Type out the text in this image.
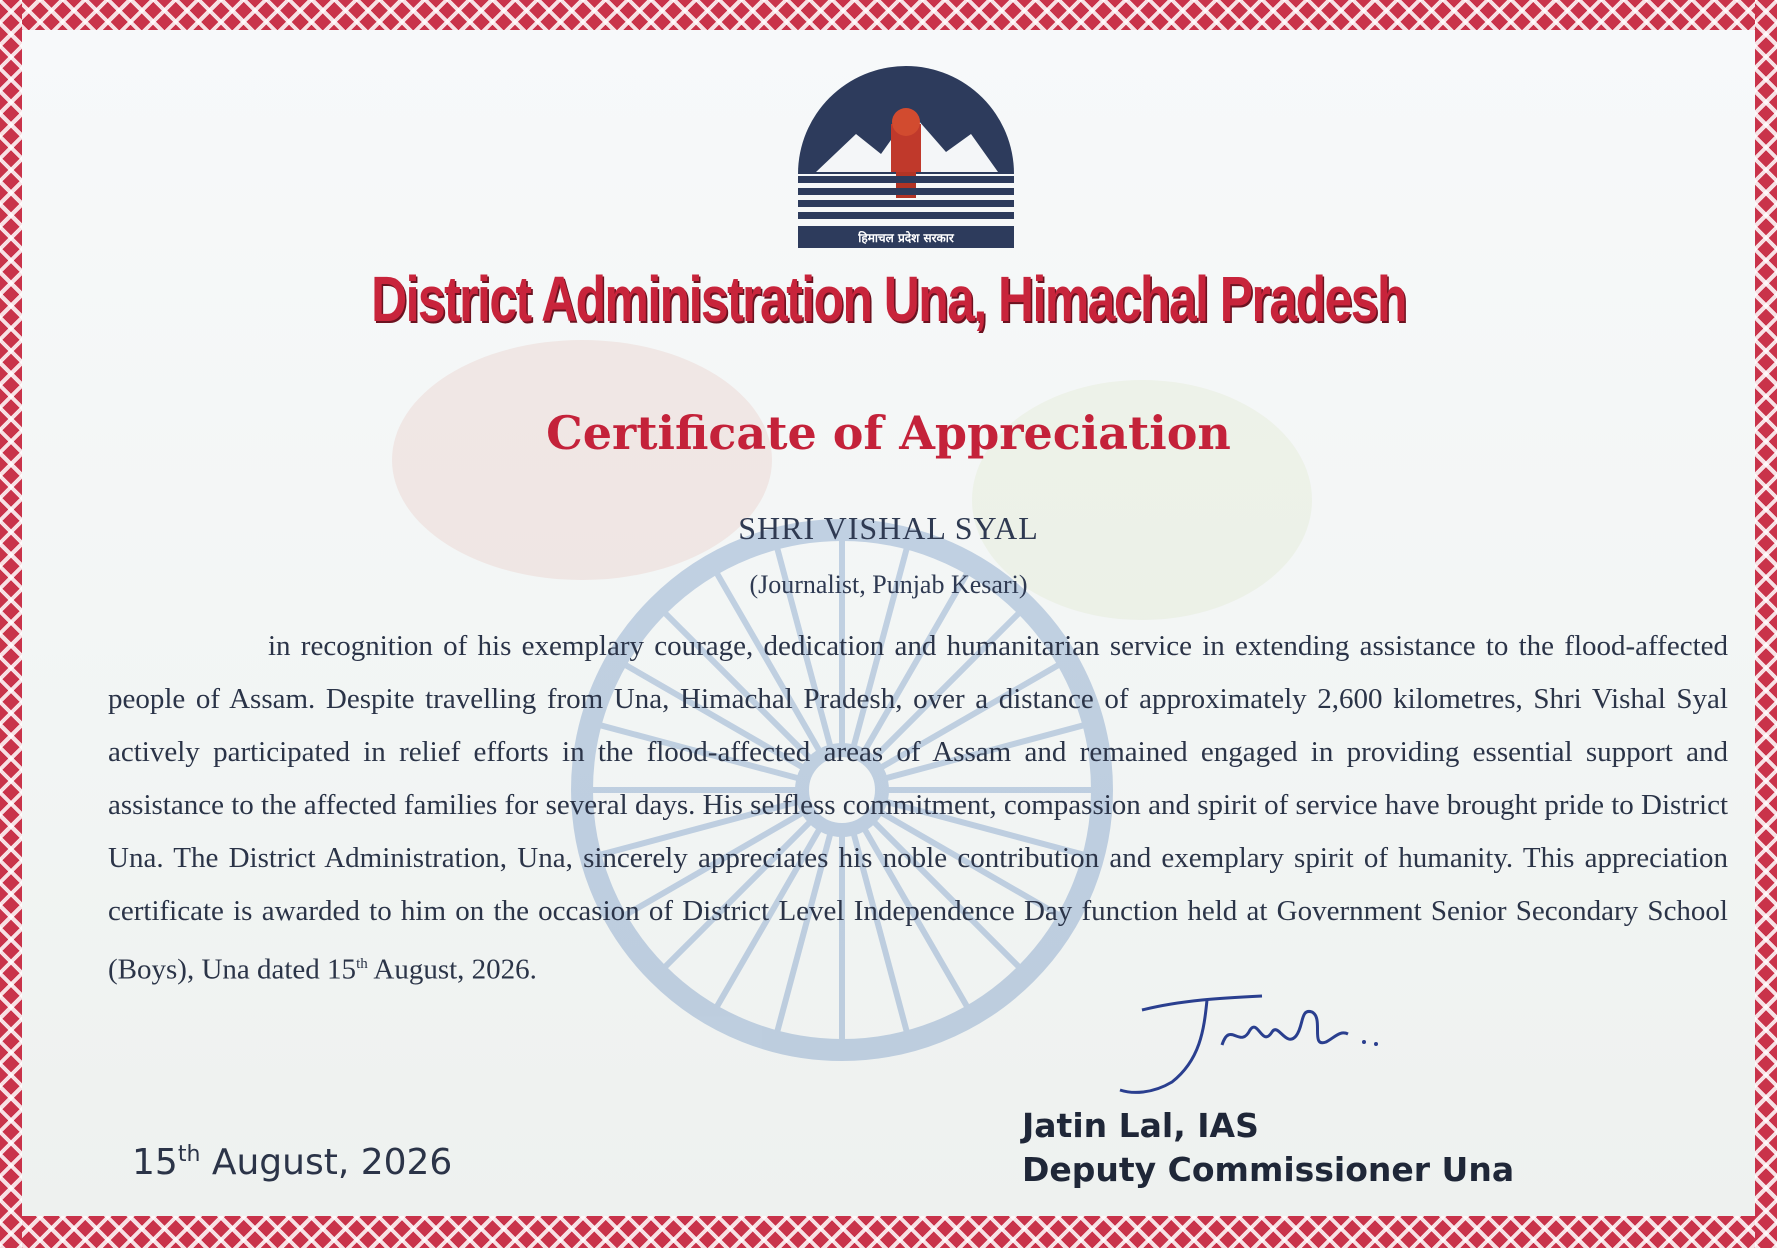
हिमाचल प्रदेश सरकार
District Administration Una, Himachal Pradesh
Certificate of Appreciation
SHRI VISHAL SYAL
(Journalist, Punjab Kesari)
in recognition of his exemplary courage, dedication and humanitarian service in extending assistance to the flood-affected people of Assam. Despite travelling from Una, Himachal Pradesh, over a distance of approximately 2,600 kilometres, Shri Vishal Syal actively participated in relief efforts in the flood-affected areas of Assam and remained engaged in providing essential support and assistance to the affected families for several days. His selfless commitment, compassion and spirit of service have brought pride to District Una. The District Administration, Una, sincerely appreciates his noble contribution and exemplary spirit of humanity. This appreciation certificate is awarded to him on the occasion of District Level Independence Day function held at Government Senior Secondary School (Boys), Una dated 15th August, 2026.
15th August, 2026
Jatin Lal, IAS
Deputy Commissioner Una
